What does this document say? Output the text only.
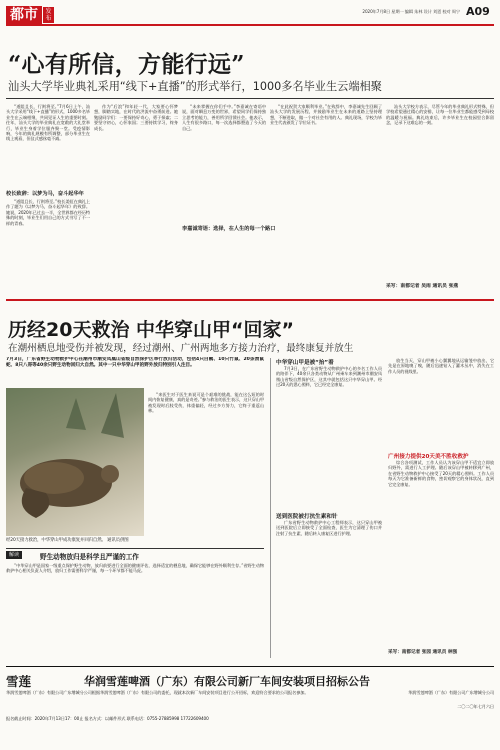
都市	发布
2020年7月8日 星期一 编辑 朱林 设计 刘恩 校对 周宁 A09
“心有所信，方能行远”
汕头大学毕业典礼采用“线下+直播”的形式举行，1000多名毕业生云端相聚

“道阻且长，行则将至。”7月6日上午，汕头大学采用“线下+直播”的形式，1000多名毕业生在云端相聚，共同见证人生的重要时刻。往年，汕头大学的毕业典礼在宽敞的大礼堂举行，毕业生身着学位服齐聚一堂。受疫情影响，今年的典礼规模有所调整，部分毕业生在线上观看，但仪式感丝毫不减。

校长致辞：以梦为马，奋斗起华年

“道阻且长，行则将至。”校长姜虹在典礼上作了题为《以梦为马，奋斗起华年》的致辞。她说，2020年已过去一半，全世界都在经历特殊的时刻，毕业生们用自己的方式书写了不一样的青春。

作为“后浪”和年轻一代，大家要心怀梦想，脚踏实地，在时代的洪流中奋勇前进。她勉励同学们：一要保持好奇心，勇于探索；二要坚守初心，心怀家国；三要持续学习，终身成长。

“未来掌握在你们手中。”李嘉诚在寄语中说，面对瞬息万变的世界，希望同学们保持独立思考的能力，善用所学回馈社会。他表示，人生有很多路口，每一次选择都塑造了今天的自己。

李嘉诚寄语：选择，在人生的每一个路口

“在此祝贺大家顺利毕业。”在致辞中，李嘉诚先生回顾了汕头大学的发展历程，并鼓励毕业生在未来的道路上坚持理想，不断进取，做一个对社会有用的人。典礼现场，学校为毕业生代表颁发了学位证书。

汕头大学校方表示，尽管今年的毕业典礼形式特殊，但学校希望通过精心的安排，让每一位毕业生都能感受到母校的温暖与祝福。典礼结束后，许多毕业生在校园里合影留念，记录下这难忘的一刻。

采写：南都记者 吴雨 通讯员 张燕
历经20天救治 中华穿山甲“回家”
在潮州栖息地受伤并被发现，经过潮州、广州两地多方接力治疗，最终康复并放生
7月3日，广东省野生动物救护中心在潮州市潮安凤凰山省级自然保护区举行放归活动，包括4只白鹇、10只竹鼠、20条滑鼠蛇、8只八哥等40余只野生动物回归大自然。其中一只中华穿山甲的野外放归特别引人注目。
经20天接力救治，中华穿山甲成功康复并回归自然。 通讯员供图

“来医生对于医生来说可是个艰难的挑战，能在这么短的时间内恢复健康，真的是奇迹。”参与救治的医生表示，这只穿山甲被发现时后肢受伤，体重偏轻，经过多方努力，它终于重返山林。

解读	野生动物放归是科学且严谨的工作

“中华穿山甲是国家一级重点保护野生动物，放归前要进行全面的健康评估，选择适宜的栖息地，确保它能够在野外顺利生存。”省野生动物救护中心相关负责人介绍，放归工作需要科学严谨，每一个环节都不能马虎。

中华穿山甲是被“抬”着

7月3日，在广东省野生动物救护中心的多名工作人员的陪伴下，40余只各类动物从广州乘车来到潮州市潮安凤凰山省级自然保护区，这其中就包括这只中华穿山甲。经过20天的悉心照料，它已经完全康复。

送到医院被打抗生素和针

广东省野生动物救护中心工程师表示，这只穿山甲被送到医院后立即接受了全面检查，医生为它清理了伤口并注射了抗生素，随后转入康复区进行护理。

放生当天，穿山甲被小心翼翼地从运输笼中放出，它先是在原地嗅了嗅，随后迅速钻入了灌木丛中，消失在工作人员的视线里。

广州接力提供20天美不胜收救护

综合各项测试，工作人员认为该穿山甲不适宜立即放归野外，需进行人工护理。随后该穿山甲被转移到广州，在省野生动物救护中心接受了20天的精心照料。工作人员每天为它准备新鲜的食物，密切观察它的身体状况，直到它完全康复。

采写：南都记者 张园 通讯员 林强
雪莲	华润雪莲啤酒（广东）有限公司新厂车间安装项目招标公告
华润雪莲啤酒（广东）有限公司广东增城分公司根据华润雪莲啤酒（广东）有限公司的委托，现就本次新厂车间安装项目进行公开招标，欢迎符合要求的公司报名参加。
报名截止时间：2020年7月13日17：00止 报名方式：以邮件形式 联系电话：0755-27885998 17722609400
华润雪莲啤酒（广东）有限公司广东增城分公司
二〇二〇年七月六日
